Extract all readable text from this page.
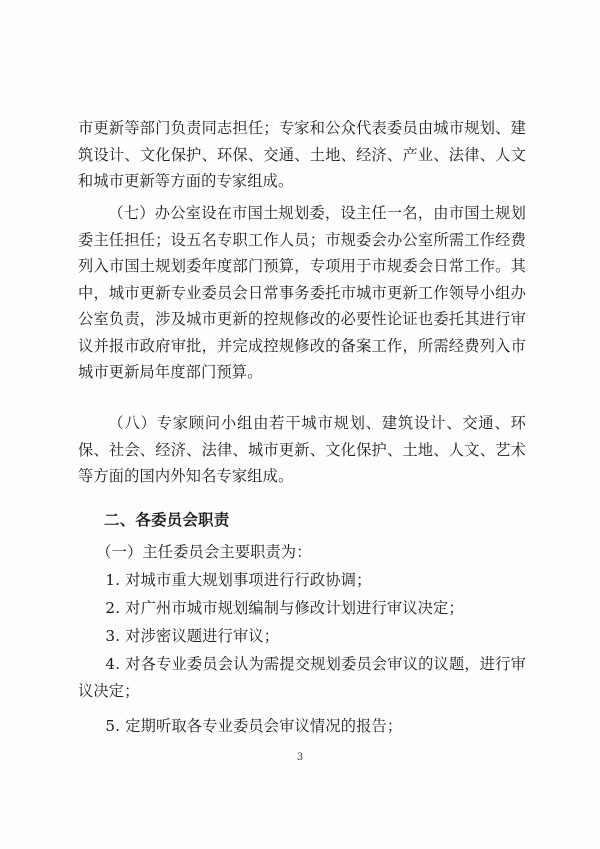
市更新等部门负责同志担任；专家和公众代表委员由城市规划、建筑设计、文化保护、环保、交通、土地、经济、产业、法律、人文和城市更新等方面的专家组成。

（七）办公室设在市国土规划委，设主任一名，由市国土规划委主任担任；设五名专职工作人员；市规委会办公室所需工作经费列入市国土规划委年度部门预算，专项用于市规委会日常工作。其中，城市更新专业委员会日常事务委托市城市更新工作领导小组办公室负责，涉及城市更新的控规修改的必要性论证也委托其进行审议并报市政府审批，并完成控规修改的备案工作，所需经费列入市城市更新局年度部门预算。

（八）专家顾问小组由若干城市规划、建筑设计、交通、环保、社会、经济、法律、城市更新、文化保护、土地、人文、艺术等方面的国内外知名专家组成。

二、各委员会职责

（一）主任委员会主要职责为：

1. 对城市重大规划事项进行行政协调；

2. 对广州市城市规划编制与修改计划进行审议决定；

3. 对涉密议题进行审议；

4. 对各专业委员会认为需提交规划委员会审议的议题，进行审议决定；

5. 定期听取各专业委员会审议情况的报告；

3
